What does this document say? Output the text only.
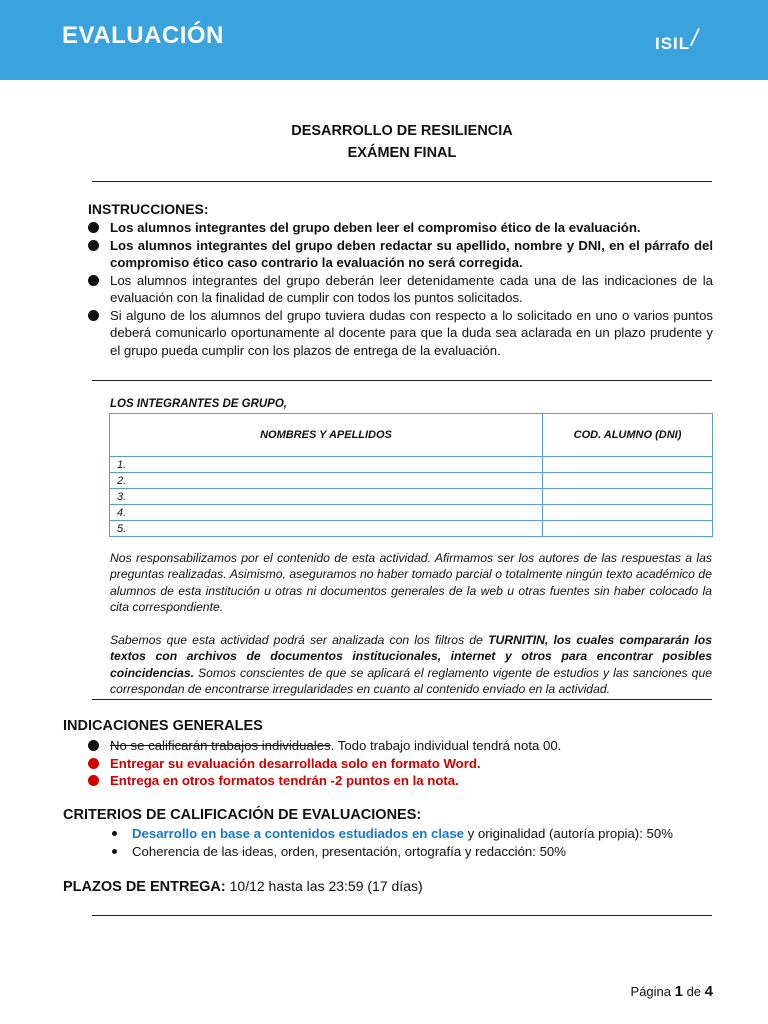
EVALUACIÓN	ISIL/
DESARROLLO DE RESILIENCIA
EXÁMEN FINAL
INSTRUCCIONES:
Los alumnos integrantes del grupo deben leer el compromiso ético de la evaluación.
Los alumnos integrantes del grupo deben redactar su apellido, nombre y DNI, en el párrafo del compromiso ético caso contrario la evaluación no será corregida.
Los alumnos integrantes del grupo deberán leer detenidamente cada una de las indicaciones de la evaluación con la finalidad de cumplir con todos los puntos solicitados.
Si alguno de los alumnos del grupo tuviera dudas con respecto a lo solicitado en uno o varios puntos deberá comunicarlo oportunamente al docente para que la duda sea aclarada en un plazo prudente y el grupo pueda cumplir con los plazos de entrega de la evaluación.
LOS INTEGRANTES DE GRUPO,
NOMBRES Y APELLIDOS	COD. ALUMNO (DNI)
1.	
2.	
3.	
4.	
5.	
Nos responsabilizamos por el contenido de esta actividad. Afirmamos ser los autores de las respuestas a las preguntas realizadas. Asimismo, aseguramos no haber tomado parcial o totalmente ningún texto académico de alumnos de esta institución u otras ni documentos generales de la web u otras fuentes sin haber colocado la cita correspondiente.
Sabemos que esta actividad podrá ser analizada con los filtros de TURNITIN, los cuales compararán los textos con archivos de documentos institucionales, internet y otros para encontrar posibles coincidencias. Somos conscientes de que se aplicará el reglamento vigente de estudios y las sanciones que correspondan de encontrarse irregularidades en cuanto al contenido enviado en la actividad.
INDICACIONES GENERALES
No se calificarán trabajos individuales. Todo trabajo individual tendrá nota 00.
Entregar su evaluación desarrollada solo en formato Word.
Entrega en otros formatos tendrán -2 puntos en la nota.
CRITERIOS DE CALIFICACIÓN DE EVALUACIONES:
Desarrollo en base a contenidos estudiados en clase y originalidad (autoría propia): 50%
Coherencia de las ideas, orden, presentación, ortografía y redacción: 50%
PLAZOS DE ENTREGA: 10/12 hasta las 23:59 (17 días)
Página 1 de 4
